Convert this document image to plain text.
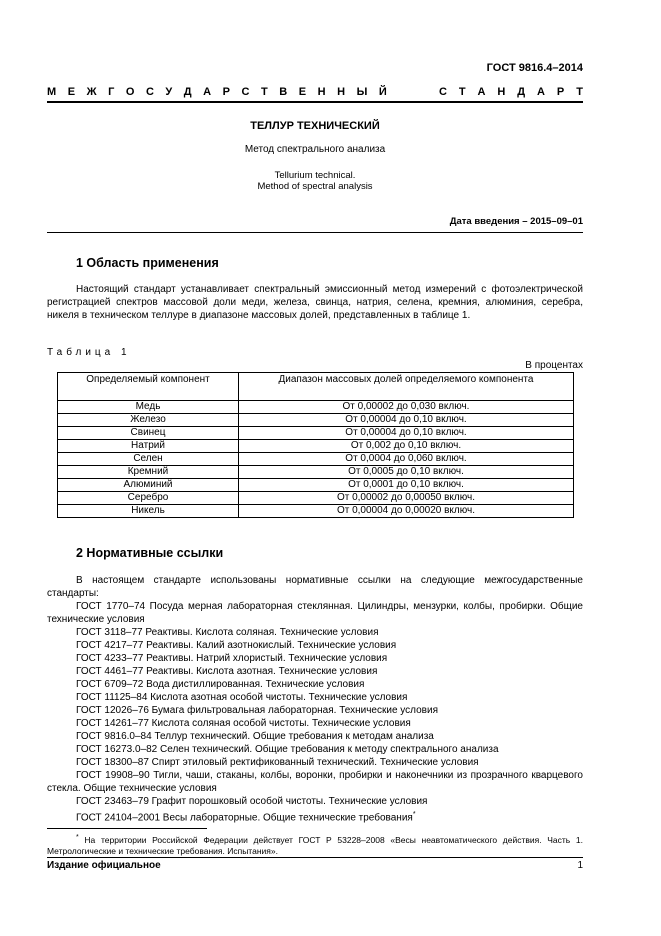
ГОСТ 9816.4–2014
М Е Ж Г О С У Д А Р С Т В Е Н Н Ы Й	С Т А Н Д А Р Т
ТЕЛЛУР ТЕХНИЧЕСКИЙ
Метод спектрального анализа
Tellurium technical.
Method of spectral analysis
Дата введения – 2015–09–01
1 Область применения
Настоящий стандарт устанавливает спектральный эмиссионный метод измерений с фотоэлектрической регистрацией спектров массовой доли меди, железа, свинца, натрия, селена, кремния, алюминия, серебра, никеля в техническом теллуре в диапазоне массовых долей, представленных в таблице 1.
Таблица 1
В процентах
Определяемый компонент	Диапазон массовых долей определяемого компонента
Медь	От 0,00002 до 0,030 включ.
Железо	От 0,00004 до 0,10 включ.
Свинец	От 0,00004 до 0,10 включ.
Натрий	От 0,002 до 0,10 включ.
Селен	От 0,0004 до 0,060 включ.
Кремний	От 0,0005 до 0,10 включ.
Алюминий	От 0,0001 до 0,10 включ.
Серебро	От 0,00002 до 0,00050 включ.
Никель	От 0,00004 до 0,00020 включ.
2 Нормативные ссылки
В настоящем стандарте использованы нормативные ссылки на следующие межгосударственные стандарты:
ГОСТ 1770–74 Посуда мерная лабораторная стеклянная. Цилиндры, мензурки, колбы, пробирки. Общие технические условия
ГОСТ 3118–77 Реактивы. Кислота соляная. Технические условия
ГОСТ 4217–77 Реактивы. Калий азотнокислый. Технические условия
ГОСТ 4233–77 Реактивы. Натрий хлористый. Технические условия
ГОСТ 4461–77 Реактивы. Кислота азотная. Технические условия
ГОСТ 6709–72 Вода дистиллированная. Технические условия
ГОСТ 11125–84 Кислота азотная особой чистоты. Технические условия
ГОСТ 12026–76 Бумага фильтровальная лабораторная. Технические условия
ГОСТ 14261–77 Кислота соляная особой чистоты. Технические условия
ГОСТ 9816.0–84 Теллур технический. Общие требования к методам анализа
ГОСТ 16273.0–82 Селен технический. Общие требования к методу спектрального анализа
ГОСТ 18300–87 Спирт этиловый ректификованный технический. Технические условия
ГОСТ 19908–90 Тигли, чаши, стаканы, колбы, воронки, пробирки и наконечники из прозрачного кварцевого стекла. Общие технические условия
ГОСТ 23463–79 Графит порошковый особой чистоты. Технические условия
ГОСТ 24104–2001 Весы лабораторные. Общие технические требования*
* На территории Российской Федерации действует ГОСТ Р 53228–2008 «Весы неавтоматического действия. Часть 1. Метрологические и технические требования. Испытания».
Издание официальное	1
